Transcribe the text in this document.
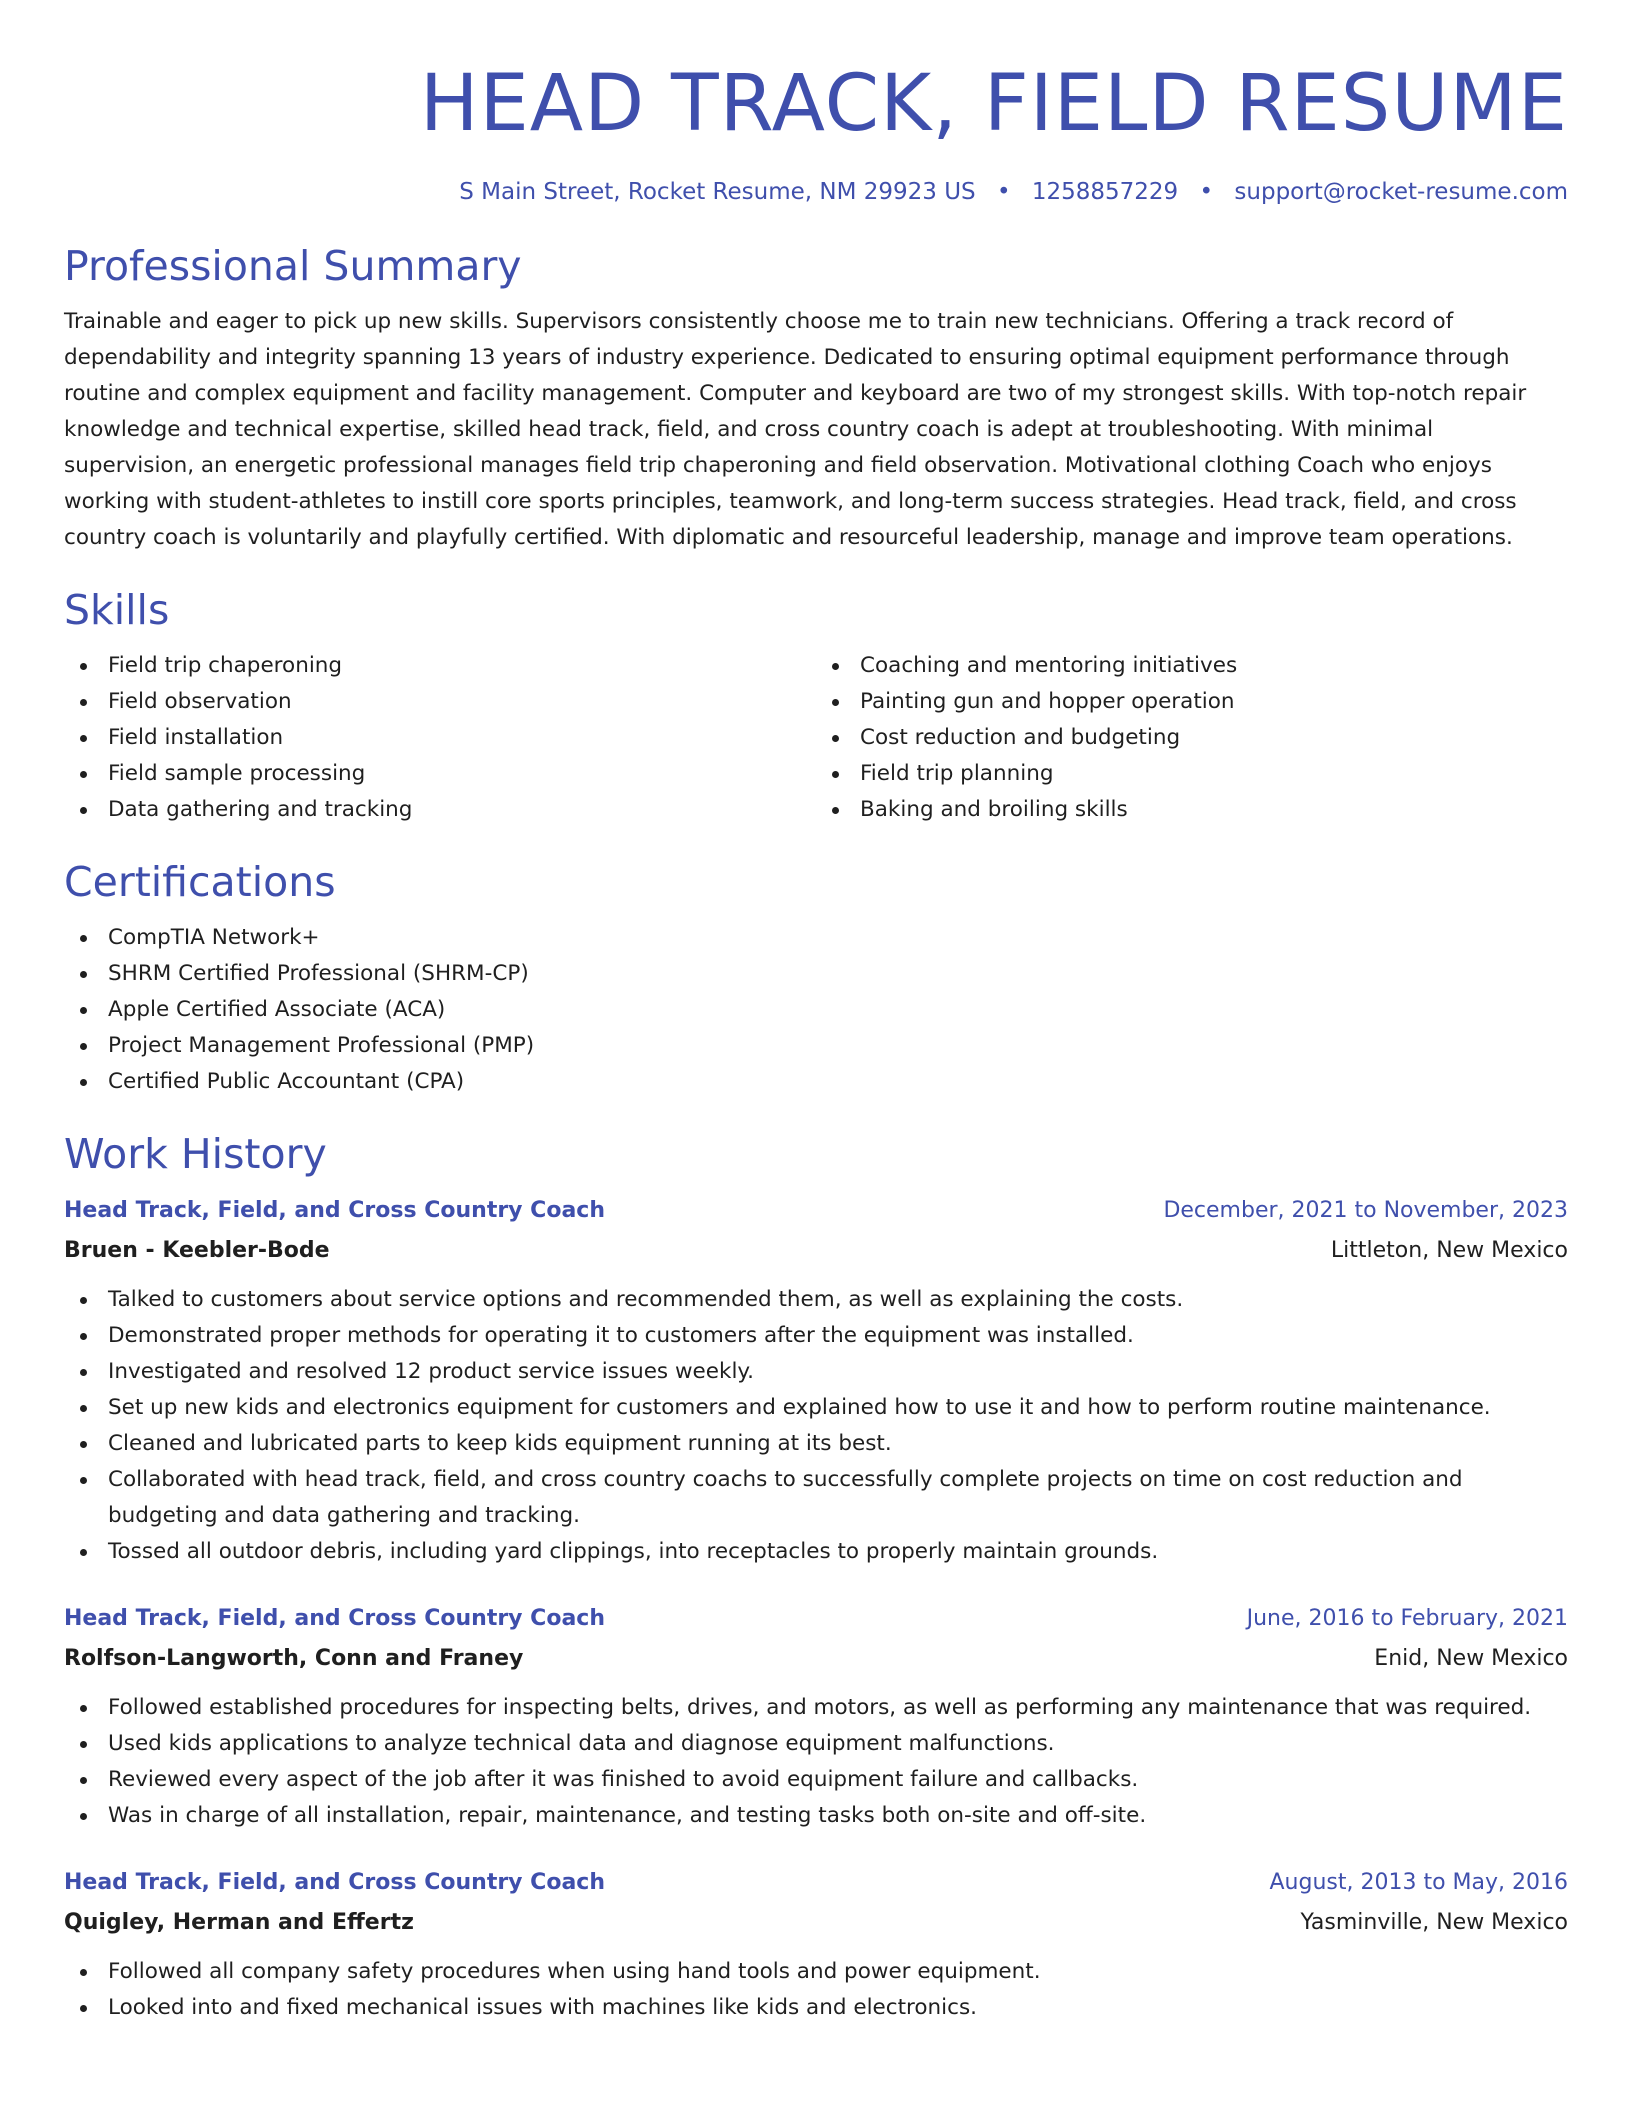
HEAD TRACK, FIELD RESUME
S Main Street, Rocket Resume, NM 29923 US • 1258857229 • support@rocket-resume.com
Professional Summary
Trainable and eager to pick up new skills. Supervisors consistently choose me to train new technicians. Offering a track record of dependability and integrity spanning 13 years of industry experience. Dedicated to ensuring optimal equipment performance through routine and complex equipment and facility management. Computer and keyboard are two of my strongest skills. With top-notch repair knowledge and technical expertise, skilled head track, field, and cross country coach is adept at troubleshooting. With minimal supervision, an energetic professional manages field trip chaperoning and field observation. Motivational clothing Coach who enjoys working with student-athletes to instill core sports principles, teamwork, and long-term success strategies. Head track, field, and cross country coach is voluntarily and playfully certified. With diplomatic and resourceful leadership, manage and improve team operations.
Skills
Field trip chaperoning
Field observation
Field installation
Field sample processing
Data gathering and tracking
Coaching and mentoring initiatives
Painting gun and hopper operation
Cost reduction and budgeting
Field trip planning
Baking and broiling skills
Certifications
CompTIA Network+
SHRM Certified Professional (SHRM-CP)
Apple Certified Associate (ACA)
Project Management Professional (PMP)
Certified Public Accountant (CPA)
Work History
Head Track, Field, and Cross Country Coach	December, 2021 to November, 2023
Bruen - Keebler-Bode	Littleton, New Mexico
Talked to customers about service options and recommended them, as well as explaining the costs.
Demonstrated proper methods for operating it to customers after the equipment was installed.
Investigated and resolved 12 product service issues weekly.
Set up new kids and electronics equipment for customers and explained how to use it and how to perform routine maintenance.
Cleaned and lubricated parts to keep kids equipment running at its best.
Collaborated with head track, field, and cross country coachs to successfully complete projects on time on cost reduction and budgeting and data gathering and tracking.
Tossed all outdoor debris, including yard clippings, into receptacles to properly maintain grounds.
Head Track, Field, and Cross Country Coach	June, 2016 to February, 2021
Rolfson-Langworth, Conn and Franey	Enid, New Mexico
Followed established procedures for inspecting belts, drives, and motors, as well as performing any maintenance that was required.
Used kids applications to analyze technical data and diagnose equipment malfunctions.
Reviewed every aspect of the job after it was finished to avoid equipment failure and callbacks.
Was in charge of all installation, repair, maintenance, and testing tasks both on-site and off-site.
Head Track, Field, and Cross Country Coach	August, 2013 to May, 2016
Quigley, Herman and Effertz	Yasminville, New Mexico
Followed all company safety procedures when using hand tools and power equipment.
Looked into and fixed mechanical issues with machines like kids and electronics.
